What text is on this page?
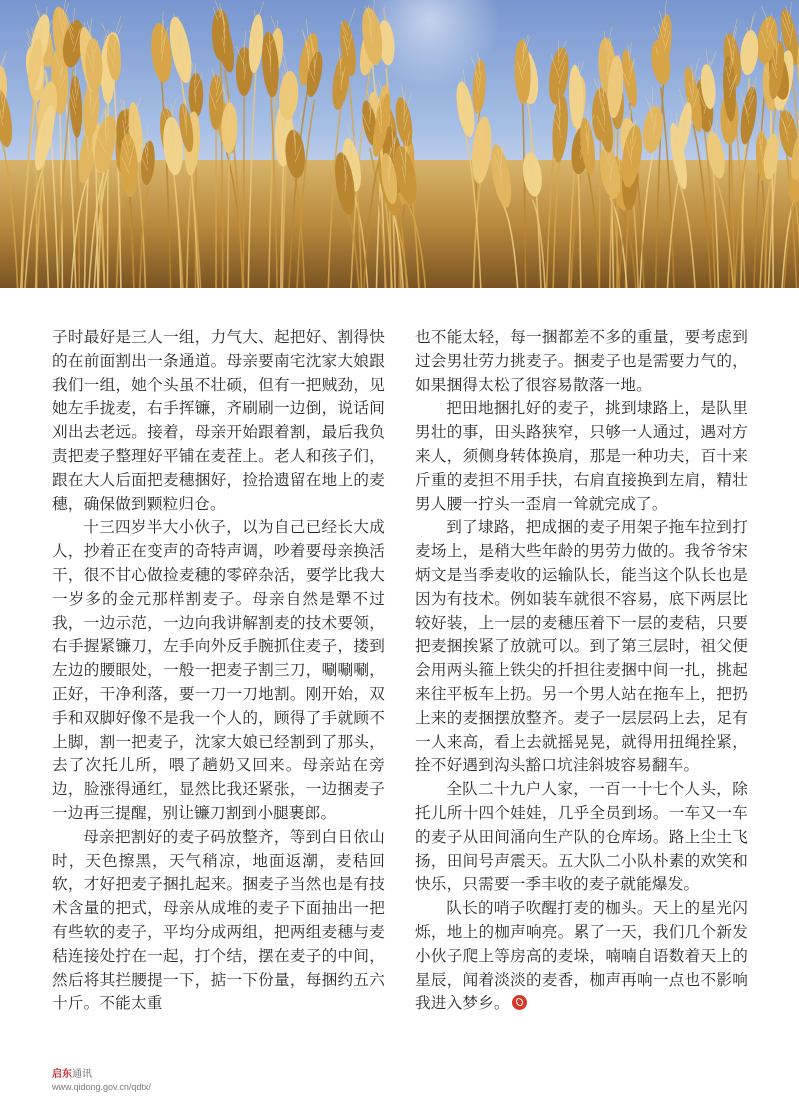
子时最好是三人一组，力气大、起把好、割得快的在前面割出一条通道。母亲要南宅沈家大娘跟我们一组，她个头虽不壮硕，但有一把贼劲，见她左手拢麦，右手挥镰，齐刷刷一边倒，说话间刈出去老远。接着，母亲开始跟着割，最后我负责把麦子整理好平铺在麦茬上。老人和孩子们，跟在大人后面把麦穗捆好，捡拾遗留在地上的麦穗，确保做到颗粒归仓。

十三四岁半大小伙子，以为自己已经长大成人，抄着正在变声的奇特声调，吵着要母亲换活干，很不甘心做捡麦穗的零碎杂活，要学比我大一岁多的金元那样割麦子。母亲自然是犟不过我，一边示范，一边向我讲解割麦的技术要领，右手握紧镰刀，左手向外反手腕抓住麦子，搂到左边的腰眼处，一般一把麦子割三刀，唰唰唰，正好，干净利落，要一刀一刀地割。刚开始，双手和双脚好像不是我一个人的，顾得了手就顾不上脚，割一把麦子，沈家大娘已经割到了那头，去了次托儿所，喂了趟奶又回来。母亲站在旁边，脸涨得通红，显然比我还紧张，一边捆麦子一边再三提醒，别让镰刀割到小腿裹郎。

母亲把割好的麦子码放整齐，等到白日依山时，天色擦黑，天气稍凉，地面返潮，麦秸回软，才好把麦子捆扎起来。捆麦子当然也是有技术含量的把式，母亲从成堆的麦子下面抽出一把有些软的麦子，平均分成两组，把两组麦穗与麦秸连接处拧在一起，打个结，摆在麦子的中间，然后将其拦腰提一下，掂一下份量，每捆约五六十斤。不能太重

也不能太轻，每一捆都差不多的重量，要考虑到过会男壮劳力挑麦子。捆麦子也是需要力气的，如果捆得太松了很容易散落一地。

把田地捆扎好的麦子，挑到埭路上，是队里男壮的事，田头路狭窄，只够一人通过，遇对方来人，须侧身转体换肩，那是一种功夫，百十来斤重的麦担不用手扶，右肩直接换到左肩，精壮男人腰一拧头一歪肩一耸就完成了。

到了埭路，把成捆的麦子用架子拖车拉到打麦场上，是稍大些年龄的男劳力做的。我爷爷宋炳文是当季麦收的运输队长，能当这个队长也是因为有技术。例如装车就很不容易，底下两层比较好装，上一层的麦穗压着下一层的麦秸，只要把麦捆挨紧了放就可以。到了第三层时，祖父便会用两头箍上铁尖的扦担往麦捆中间一扎，挑起来往平板车上扔。另一个男人站在拖车上，把扔上来的麦捆摆放整齐。麦子一层层码上去，足有一人来高，看上去就摇晃晃，就得用扭绳拴紧，拴不好遇到沟头豁口坑洼斜坡容易翻车。

全队二十九户人家，一百一十七个人头，除托儿所十四个娃娃，几乎全员到场。一车又一车的麦子从田间涌向生产队的仓库场。路上尘土飞扬，田间号声震天。五大队二小队朴素的欢笑和快乐，只需要一季丰收的麦子就能爆发。

队长的哨子吹醒打麦的枷头。天上的星光闪烁，地上的枷声响亮。累了一天，我们几个新发小伙子爬上等房高的麦垛，喃喃自语数着天上的星辰，闻着淡淡的麦香，枷声再响一点也不影响我进入梦乡。

启东通讯
www.qidong.gov.cn/qdtx/
